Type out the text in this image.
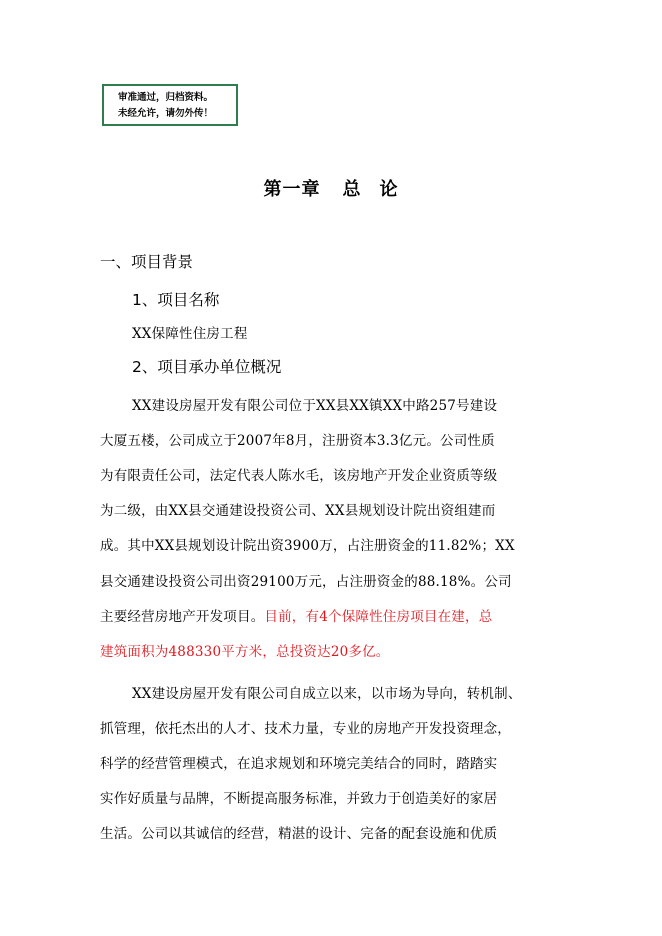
审准通过，归档资料。
未经允许，请勿外传！
第一章 总 论
一、项目背景
1、项目名称
XX保障性住房工程
2、项目承办单位概况
XX建设房屋开发有限公司位于XX县XX镇XX中路257号建设
大厦五楼，公司成立于2007年8月，注册资本3.3亿元。公司性质
为有限责任公司，法定代表人陈水毛，该房地产开发企业资质等级
为二级，由XX县交通建设投资公司、XX县规划设计院出资组建而
成。其中XX县规划设计院出资3900万，占注册资金的11.82%；XX
县交通建设投资公司出资29100万元，占注册资金的88.18%。公司
主要经营房地产开发项目。目前，有4个保障性住房项目在建，总
建筑面积为488330平方米，总投资达20多亿。
XX建设房屋开发有限公司自成立以来，以市场为导向，转机制、
抓管理，依托杰出的人才、技术力量，专业的房地产开发投资理念，
科学的经营管理模式，在追求规划和环境完美结合的同时，踏踏实
实作好质量与品牌，不断提高服务标准，并致力于创造美好的家居
生活。公司以其诚信的经营，精湛的设计、完备的配套设施和优质
